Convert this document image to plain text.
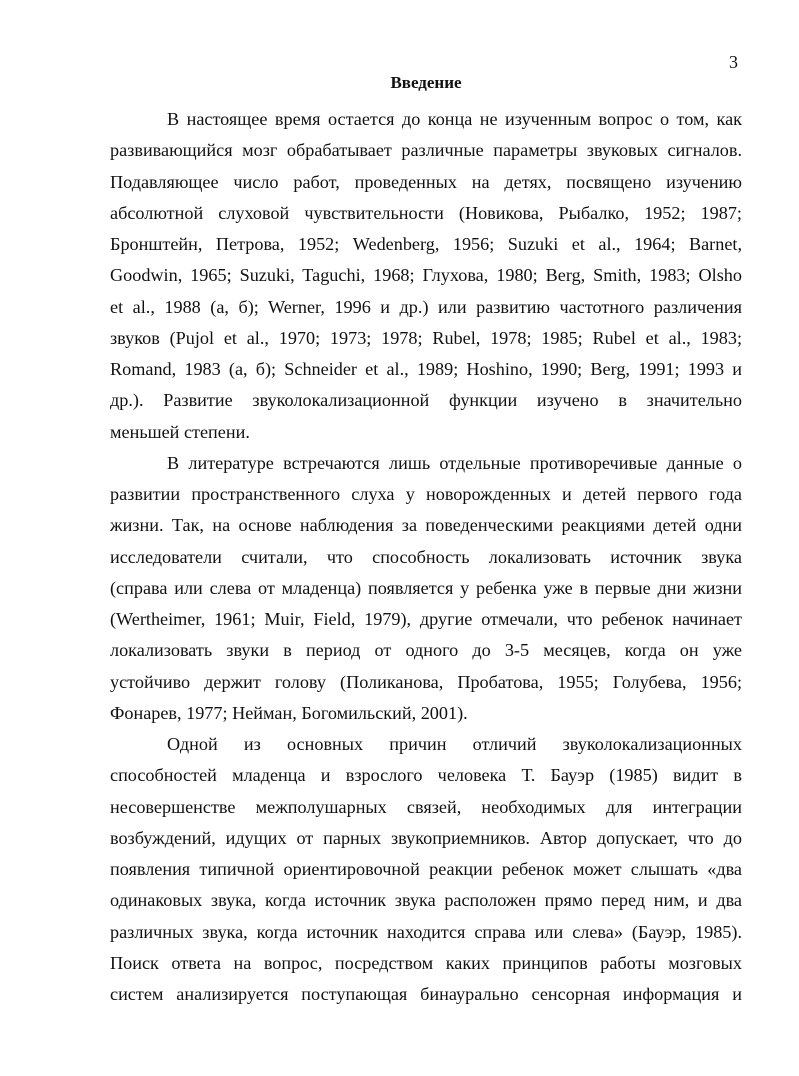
3
Введение
В настоящее время остается до конца не изученным вопрос о том, как
развивающийся мозг обрабатывает различные параметры звуковых сигналов.
Подавляющее число работ, проведенных на детях, посвящено изучению
абсолютной слуховой чувствительности (Новикова, Рыбалко, 1952; 1987;
Бронштейн, Петрова, 1952; Wedenberg, 1956; Suzuki et al., 1964; Barnet,
Goodwin, 1965; Suzuki, Taguchi, 1968; Глухова, 1980; Berg, Smith, 1983; Olsho
et al., 1988 (а, б); Werner, 1996 и др.) или развитию частотного различения
звуков (Pujol et al., 1970; 1973; 1978; Rubel, 1978; 1985; Rubel et al., 1983;
Romand, 1983 (а, б); Schneider et al., 1989; Hoshino, 1990; Berg, 1991; 1993 и
др.). Развитие звуколокализационной функции изучено в значительно
меньшей степени.
В литературе встречаются лишь отдельные противоречивые данные о
развитии пространственного слуха у новорожденных и детей первого года
жизни. Так, на основе наблюдения за поведенческими реакциями детей одни
исследователи считали, что способность локализовать источник звука
(справа или слева от младенца) появляется у ребенка уже в первые дни жизни
(Wertheimer, 1961; Muir, Field, 1979), другие отмечали, что ребенок начинает
локализовать звуки в период от одного до 3-5 месяцев, когда он уже
устойчиво держит голову (Поликанова, Пробатова, 1955; Голубева, 1956;
Фонарев, 1977; Нейман, Богомильский, 2001).
Одной из основных причин отличий звуколокализационных
способностей младенца и взрослого человека Т. Бауэр (1985) видит в
несовершенстве межполушарных связей, необходимых для интеграции
возбуждений, идущих от парных звукоприемников. Автор допускает, что до
появления типичной ориентировочной реакции ребенок может слышать «два
одинаковых звука, когда источник звука расположен прямо перед ним, и два
различных звука, когда источник находится справа или слева» (Бауэр, 1985).
Поиск ответа на вопрос, посредством каких принципов работы мозговых
систем анализируется поступающая бинаурально сенсорная информация и
